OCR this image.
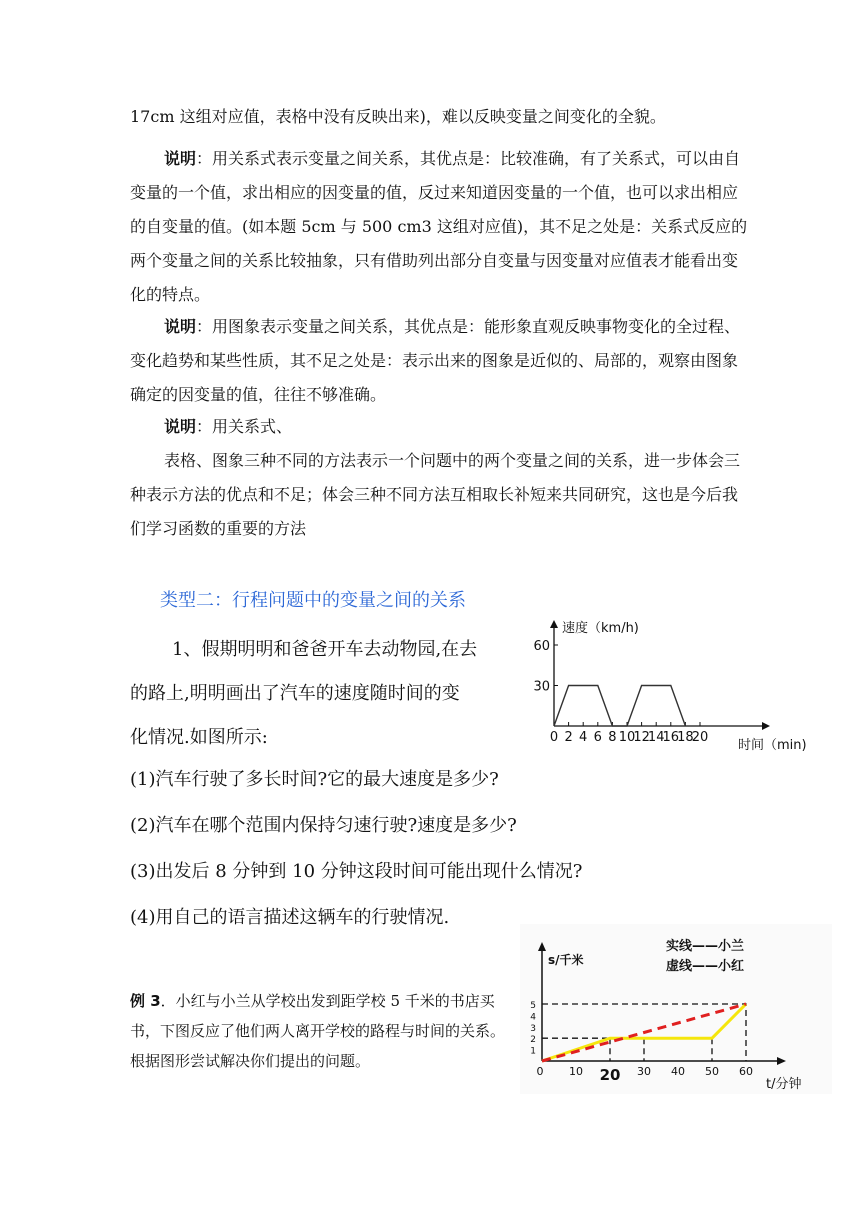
17cm 这组对应值，表格中没有反映出来)，难以反映变量之间变化的全貌。

说明：用关系式表示变量之间关系，其优点是：比较准确，有了关系式，可以由自变量的一个值，求出相应的因变量的值，反过来知道因变量的一个值，也可以求出相应的自变量的值。(如本题 5cm 与 500 cm3 这组对应值)，其不足之处是：关系式反应的两个变量之间的关系比较抽象，只有借助列出部分自变量与因变量对应值表才能看出变化的特点。

说明：用图象表示变量之间关系，其优点是：能形象直观反映事物变化的全过程、变化趋势和某些性质，其不足之处是：表示出来的图象是近似的、局部的，观察由图象确定的因变量的值，往往不够准确。

说明：用关系式、

表格、图象三种不同的方法表示一个问题中的两个变量之间的关系，进一步体会三种表示方法的优点和不足；体会三种不同方法互相取长补短来共同研究，这也是今后我们学习函数的重要的方法

类型二：行程问题中的变量之间的关系
1、假期明明和爸爸开车去动物园,在去
的路上,明明画出了汽车的速度随时间的变
化情况.如图所示:
(1)汽车行驶了多长时间?它的最大速度是多少?
(2)汽车在哪个范围内保持匀速行驶?速度是多少?
(3)出发后 8 分钟到 10 分钟这段时间可能出现什么情况?
(4)用自己的语言描述这辆车的行驶情况.
0 2 4 6 8 10
12
14
16
18
20
30
60
速度（km/h)
时间（min)
例 3．小红与小兰从学校出发到距学校 5 千米的书店买书，下图反应了他们两人离开学校的路程与时间的关系。根据图形尝试解决你们提出的问题。
0 10 20 30 40 50 60
1
2
3
4
5
s/千米
t/分钟
实线——小兰
虚线——小红
